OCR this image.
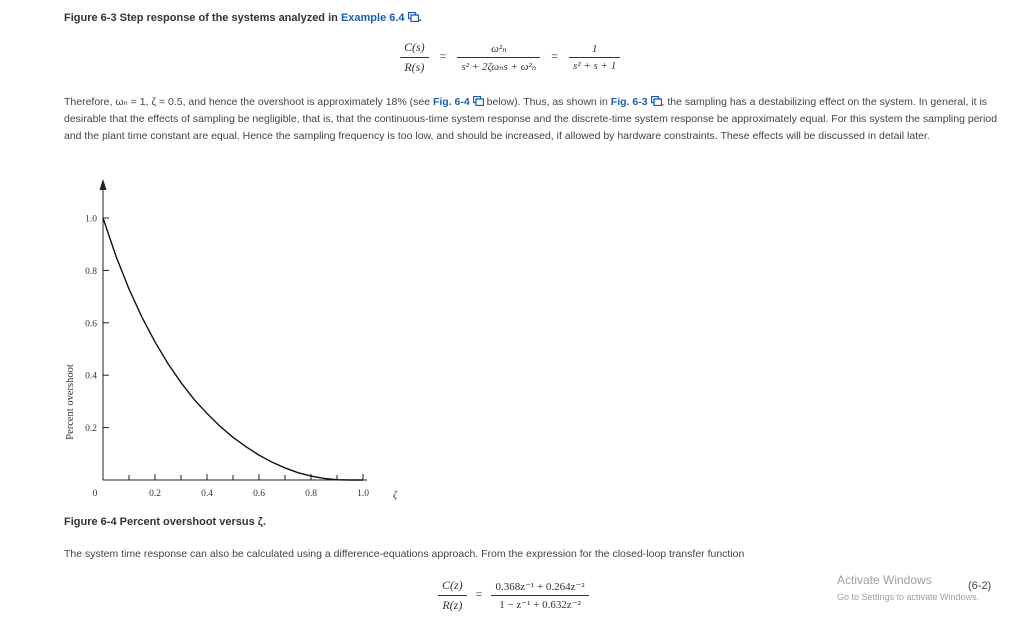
Figure 6-3 Step response of the systems analyzed in Example 6.4 .
$\frac{C(s)}{R(s)} = \frac{\text{ω²ₙ}}{\text{s² + 2ζωₙs + ω²ₙ}} = \frac{1}{\text{s² + s + 1}}$
Therefore, ωₙ = 1, ζ = 0.5, and hence the overshoot is approximately 18% (see Fig. 6-4 below). Thus, as shown in Fig. 6-3 , the sampling has a destabilizing effect on the system. In general, it is desirable that the effects of sampling be negligible, that is, that the continuous-time system response and the discrete-time system response be approximately equal. For this system the sampling period and the plant time constant are equal. Hence the sampling frequency is too low, and should be increased, if allowed by hardware constraints. These effects will be discussed in detail later.
0.2
0.4
0.6
0.8
1.0
0	0.2	0.4	0.6	0.8	1.0 ζ
Percent overshoot
Figure 6-4 Percent overshoot versus ζ.
The system time response can also be calculated using a difference-equations approach. From the expression for the closed-loop transfer function
$\frac{C(z)}{R(z)} = \frac{\text{0.368z⁻¹ + 0.264z⁻²}}{\text{1 − z⁻¹ + 0.632z⁻²}}$	(6-2)
Activate Windows
Go to Settings to activate Windows.
